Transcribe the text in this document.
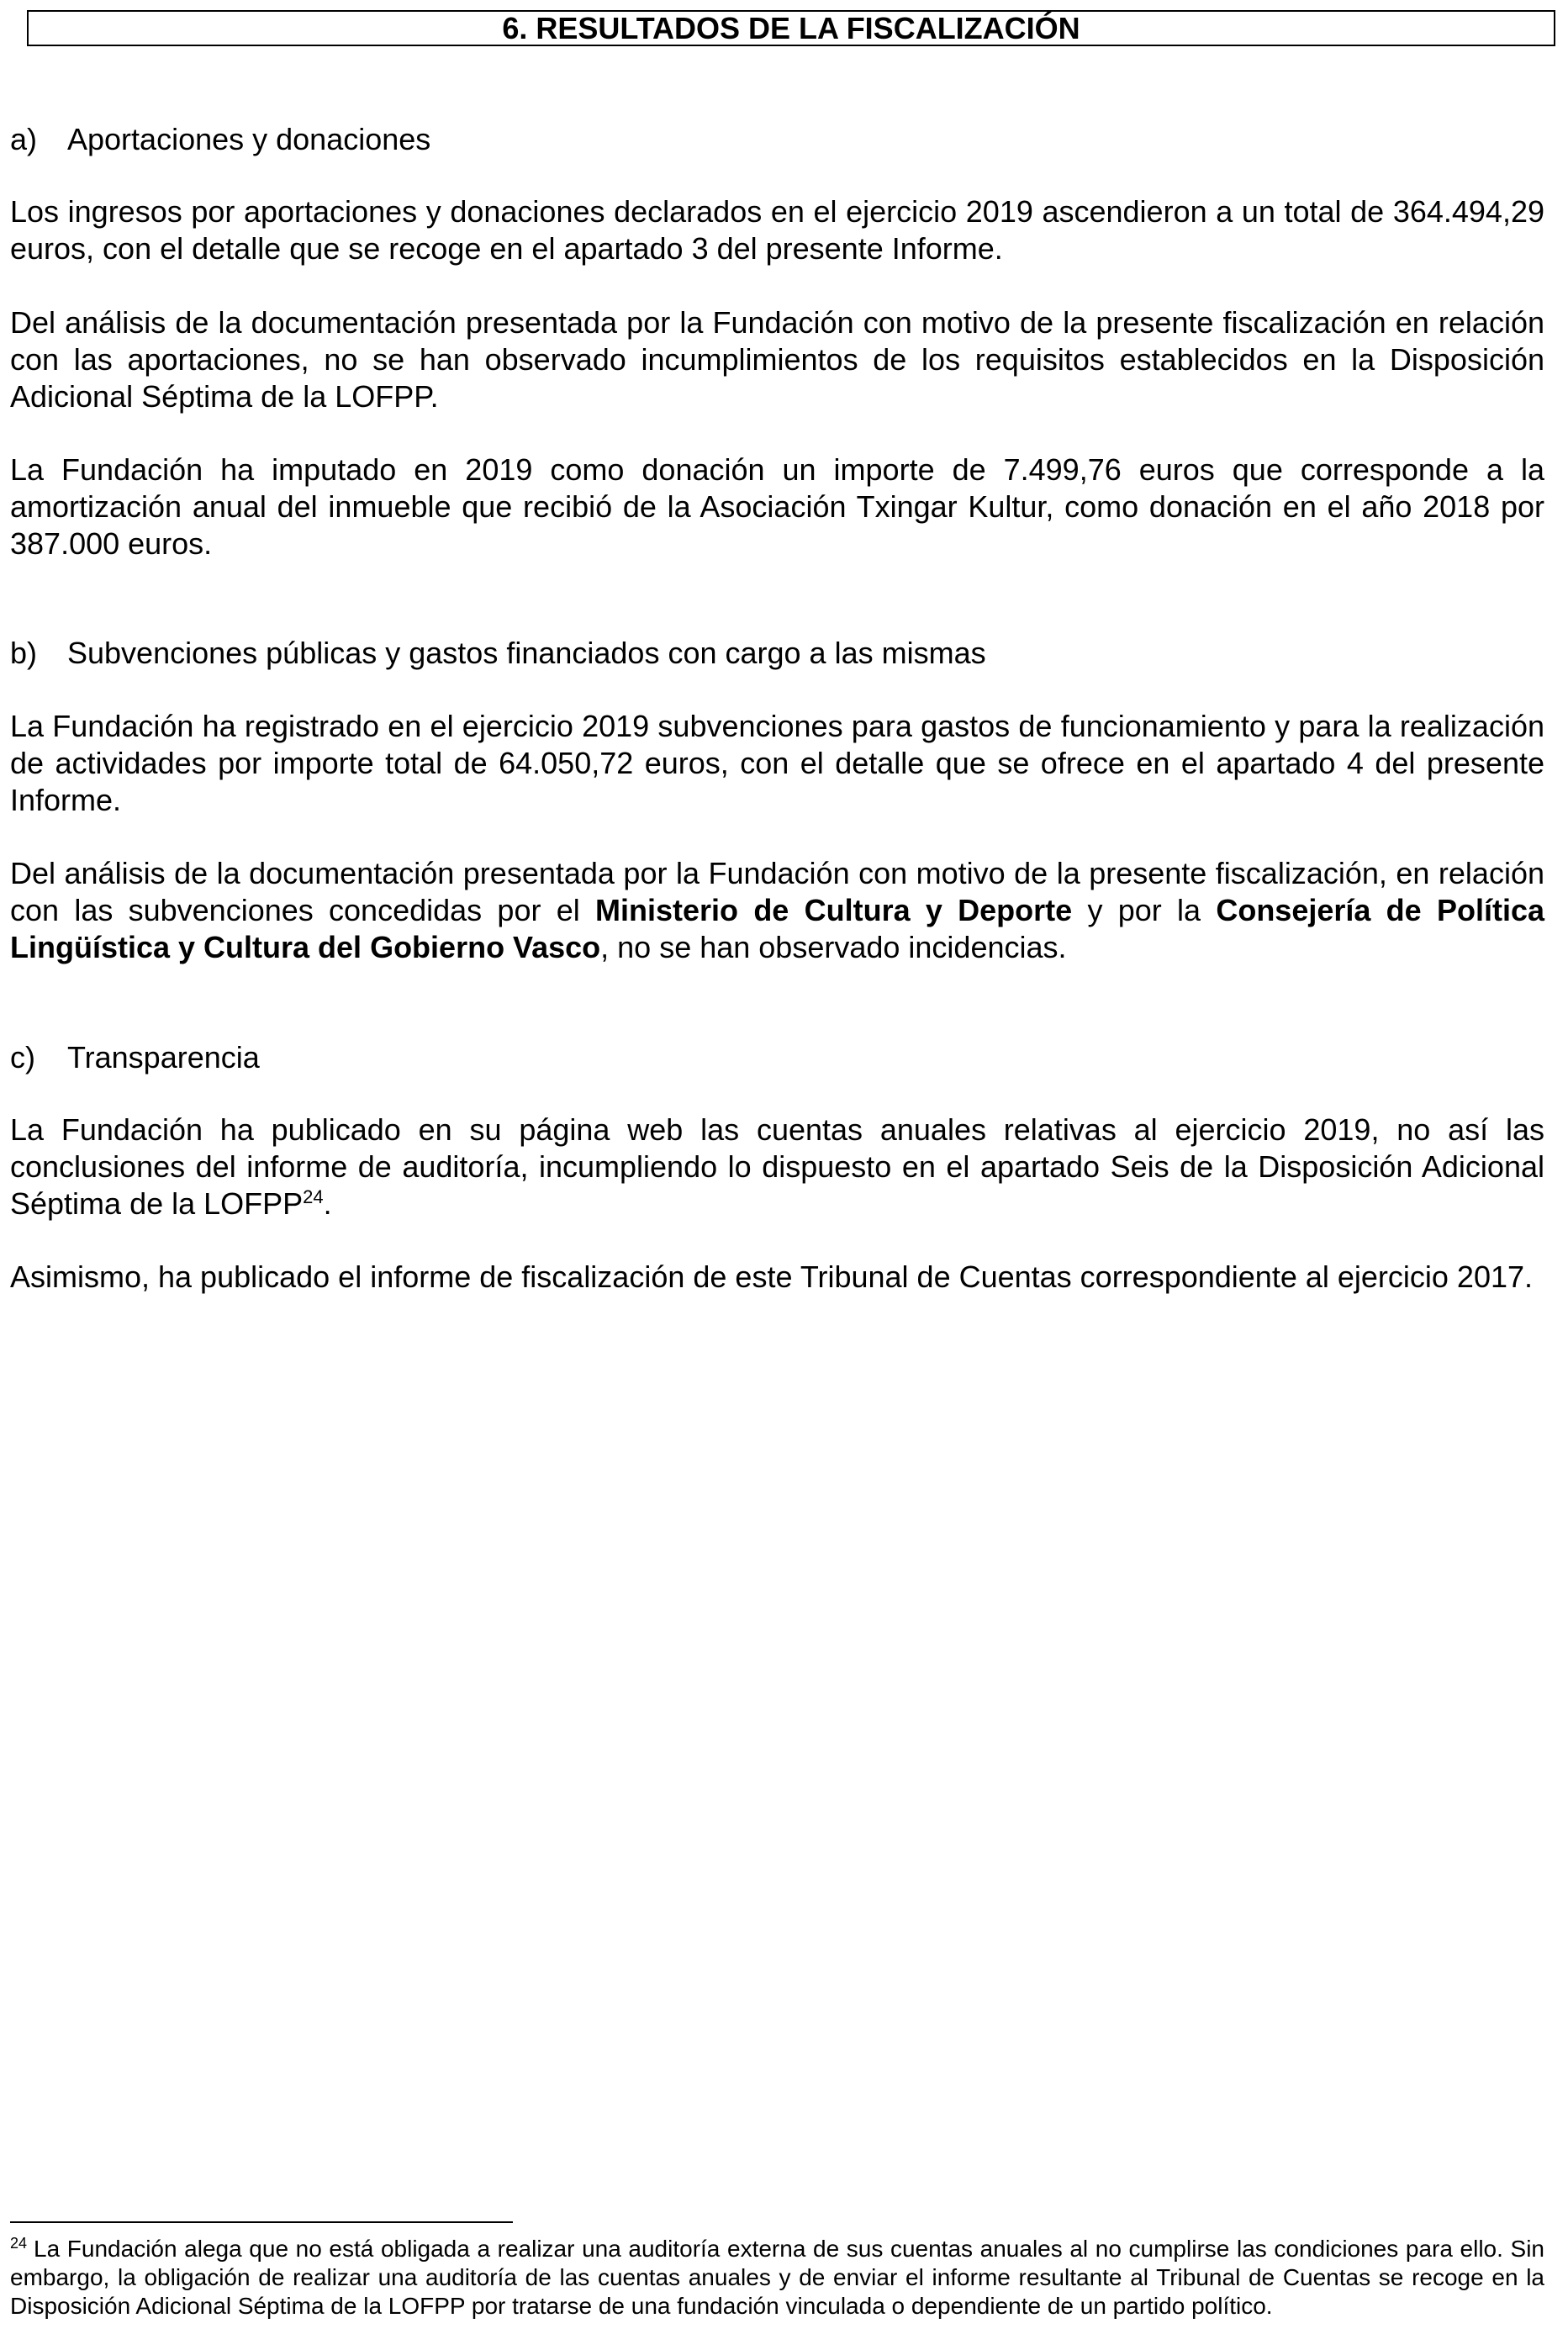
6. RESULTADOS DE LA FISCALIZACIÓN
a) Aportaciones y donaciones

Los ingresos por aportaciones y donaciones declarados en el ejercicio 2019 ascendieron a un total de 364.494,29 euros, con el detalle que se recoge en el apartado 3 del presente Informe.

Del análisis de la documentación presentada por la Fundación con motivo de la presente fiscalización en relación con las aportaciones, no se han observado incumplimientos de los requisitos establecidos en la Disposición Adicional Séptima de la LOFPP.

La Fundación ha imputado en 2019 como donación un importe de 7.499,76 euros que corresponde a la amortización anual del inmueble que recibió de la Asociación Txingar Kultur, como donación en el año 2018 por 387.000 euros.

b) Subvenciones públicas y gastos financiados con cargo a las mismas

La Fundación ha registrado en el ejercicio 2019 subvenciones para gastos de funcionamiento y para la realización de actividades por importe total de 64.050,72 euros, con el detalle que se ofrece en el apartado 4 del presente Informe.

Del análisis de la documentación presentada por la Fundación con motivo de la presente fiscalización, en relación con las subvenciones concedidas por el Ministerio de Cultura y Deporte y por la Consejería de Política Lingüística y Cultura del Gobierno Vasco, no se han observado incidencias.

c) Transparencia

La Fundación ha publicado en su página web las cuentas anuales relativas al ejercicio 2019, no así las conclusiones del informe de auditoría, incumpliendo lo dispuesto en el apartado Seis de la Disposición Adicional Séptima de la LOFPP$^{24}$.

Asimismo, ha publicado el informe de fiscalización de este Tribunal de Cuentas correspondiente al ejercicio 2017.

$^{24}$ La Fundación alega que no está obligada a realizar una auditoría externa de sus cuentas anuales al no cumplirse las condiciones para ello. Sin embargo, la obligación de realizar una auditoría de las cuentas anuales y de enviar el informe resultante al Tribunal de Cuentas se recoge en la Disposición Adicional Séptima de la LOFPP por tratarse de una fundación vinculada o dependiente de un partido político.
